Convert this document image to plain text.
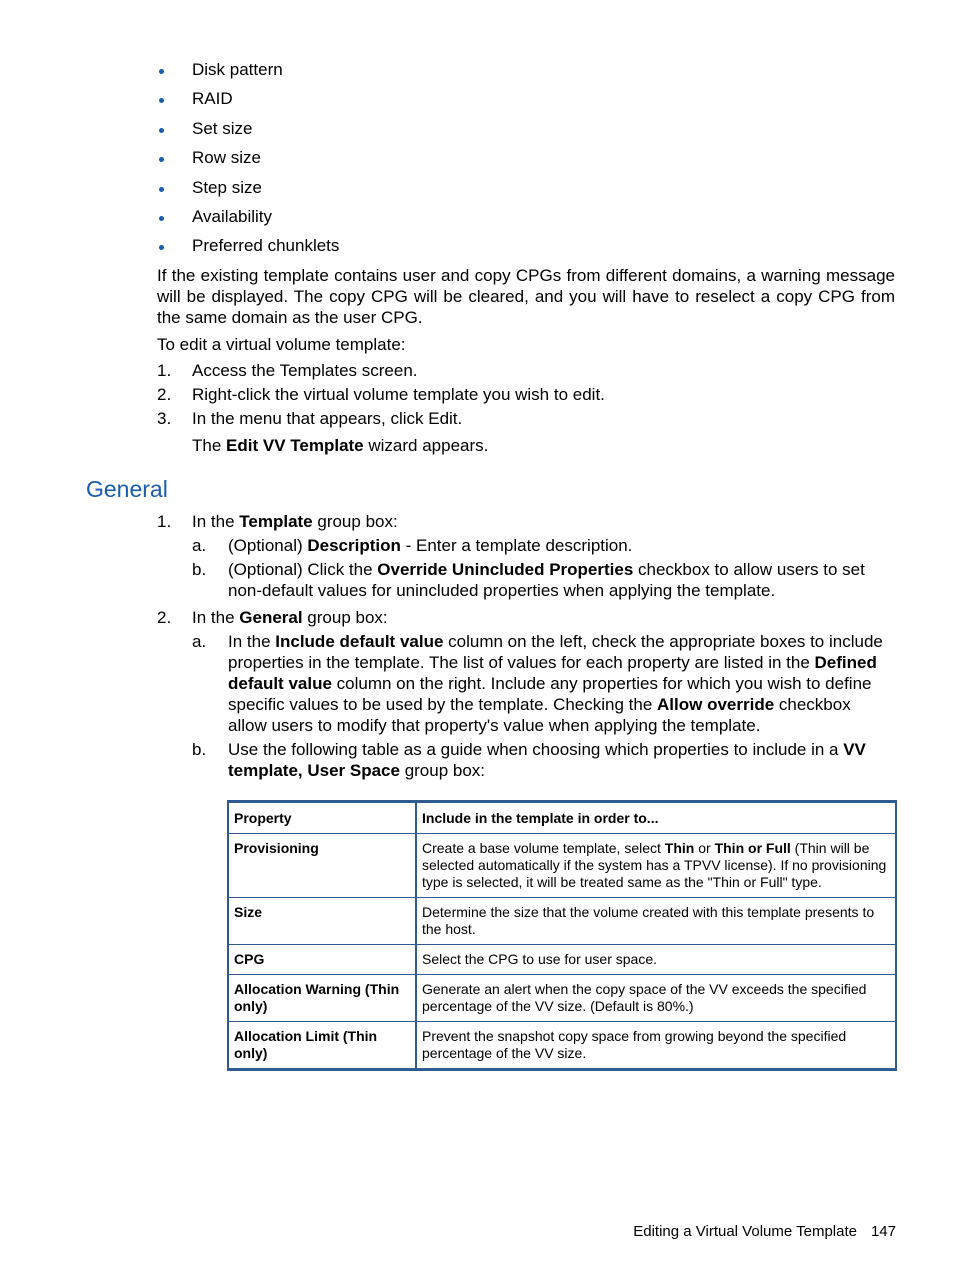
Disk pattern
RAID
Set size
Row size
Step size
Availability
Preferred chunklets

If the existing template contains user and copy CPGs from different domains, a warning message will be displayed. The copy CPG will be cleared, and you will have to reselect a copy CPG from the same domain as the user CPG.

To edit a virtual volume template:

1.	Access the Templates screen.
2.	Right-click the virtual volume template you wish to edit.
3.	In the menu that appears, click Edit.
The Edit VV Template wizard appears.
General
1.	In the Template group box:
a.	(Optional) Description - Enter a template description.
b.	(Optional) Click the Override Unincluded Properties checkbox to allow users to set non-default values for unincluded properties when applying the template.
2.	In the General group box:
a.	In the Include default value column on the left, check the appropriate boxes to include properties in the template. The list of values for each property are listed in the Defined default value column on the right. Include any properties for which you wish to define specific values to be used by the template. Checking the Allow override checkbox allow users to modify that property's value when applying the template.
b.	Use the following table as a guide when choosing which properties to include in a VV template, User Space group box:
Property	Include in the template in order to...
Provisioning	Create a base volume template, select Thin or Thin or Full (Thin will be selected automatically if the system has a TPVV license). If no provisioning type is selected, it will be treated same as the "Thin or Full" type.
Size	Determine the size that the volume created with this template presents to the host.
CPG	Select the CPG to use for user space.
Allocation Warning (Thin only)	Generate an alert when the copy space of the VV exceeds the specified percentage of the VV size. (Default is 80%.)
Allocation Limit (Thin only)	Prevent the snapshot copy space from growing beyond the specified percentage of the VV size.
Editing a Virtual Volume Template 147
